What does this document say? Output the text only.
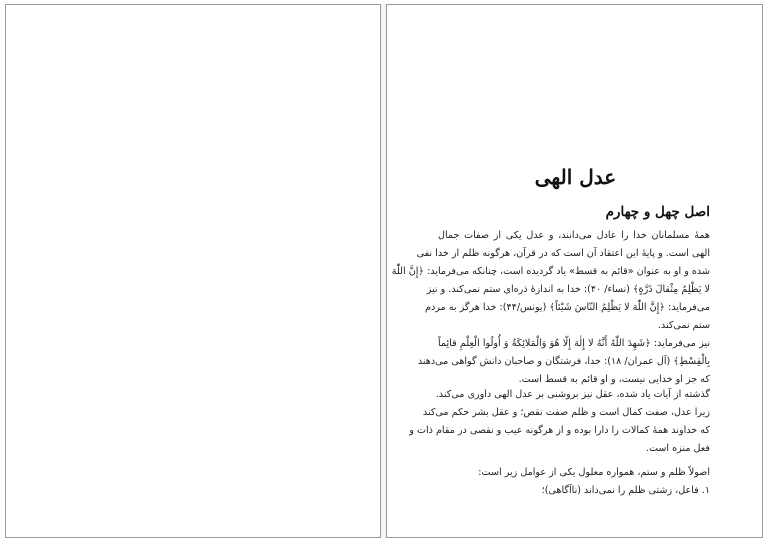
عدل الهی
اصل چهل و چهارم
همهٔ مسلمانان خدا را عادل می‌دانند، و عدل یکی از صفات جمال
الهی است. و پایهٔ این اعتقاد آن است که در قرآن، هرگونه ظلم از خدا نفی
شده و او به عنوان «قائم به قسط» یاد گردیده است، چنانکه می‌فرماید: ﴿إِنَّ اللّٰهَ
لا یَظْلِمُ مِثْقالَ ذَرَّةٍ﴾ (نساء/ ۴۰): خدا به اندازهٔ ذره‌ای ستم نمی‌کند. و نیز
می‌فرماید: ﴿إِنَّ اللّٰهَ لا یَظْلِمُ النّاسَ شَیْئاً﴾ (یونس/۴۴): خدا هرگز به مردم
ستم نمی‌کند.
نیز می‌فرماید: ﴿شَهِدَ اللّٰهُ أَنَّهُ لا إِلٰهَ إِلّا هُوَ وَالْمَلائِكَةُ وَ أُولُوا الْعِلْمِ قائِماً
بِالْقِسْطِ﴾ (آل عمران/ ۱۸): خدا، فرشتگان و صاحبان دانش گواهی می‌دهند
که جز او خدایی نیست، و او قائم به قسط است.
گذشته از آیات یاد شده، عقل نیز بروشنی بر عدل الهی داوری می‌کند.
زیرا عدل، صفت کمال است و ظلم صفت نقص؛ و عقل بشر حکم می‌کند
که خداوند همهٔ کمالات را دارا بوده و از هرگونه عیب و نقصی در مقام ذات و
فعل منزه است.
اصولاً ظلم و ستم، همواره معلول یکی از عوامل زیر است:
۱. فاعل، زشتی ظلم را نمی‌داند (ناآگاهی)؛
